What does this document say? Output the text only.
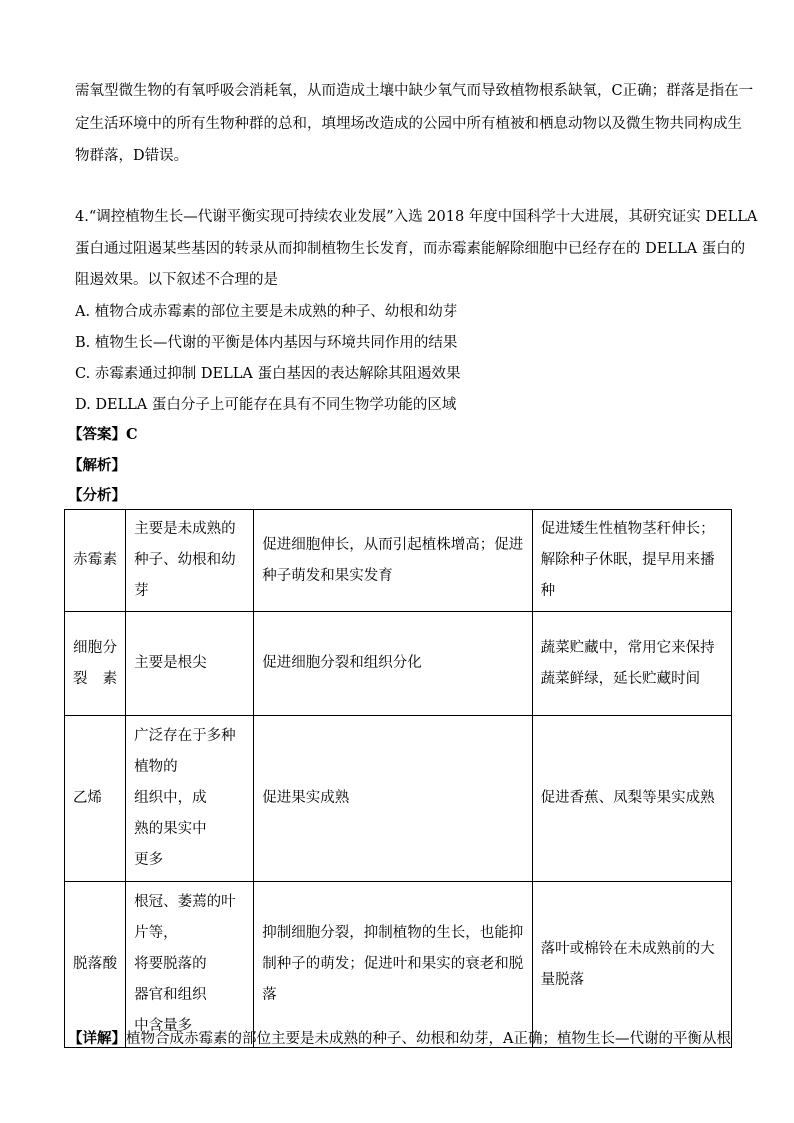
需氧型微生物的有氧呼吸会消耗氧，从而造成土壤中缺少氧气而导致植物根系缺氧，C正确；群落是指在一
定生活环境中的所有生物种群的总和，填埋场改造成的公园中所有植被和栖息动物以及微生物共同构成生
物群落，D错误。
4.“调控植物生长—代谢平衡实现可持续农业发展”入选 2018 年度中国科学十大进展，其研究证实 DELLA
蛋白通过阻遏某些基因的转录从而抑制植物生长发育，而赤霉素能解除细胞中已经存在的 DELLA 蛋白的
阻遏效果。以下叙述不合理的是
A. 植物合成赤霉素的部位主要是未成熟的种子、幼根和幼芽
B. 植物生长—代谢的平衡是体内基因与环境共同作用的结果
C. 赤霉素通过抑制 DELLA 蛋白基因的表达解除其阻遏效果
D. DELLA 蛋白分子上可能存在具有不同生物学功能的区域
【答案】C
【解析】
【分析】
赤霉素	主要是未成熟的种子、幼根和幼芽	促进细胞伸长，从而引起植株增高；促进种子萌发和果实发育	促进矮生性植物茎秆伸长；解除种子休眠，提早用来播种
细胞分裂素	主要是根尖	促进细胞分裂和组织分化	蔬菜贮藏中，常用它来保持蔬菜鲜绿，延长贮藏时间
乙烯	广泛存在于多种植物的
组织中，成
熟的果实中
更多	促进果实成熟	促进香蕉、凤梨等果实成熟
脱落酸	根冠、萎蔫的叶片等，
将要脱落的
器官和组织
中含量多	抑制细胞分裂，抑制植物的生长，也能抑制种子的萌发；促进叶和果实的衰老和脱落	落叶或棉铃在未成熟前的大量脱落
【详解】植物合成赤霉素的部位主要是未成熟的种子、幼根和幼芽，A正确；植物生长—代谢的平衡从根
